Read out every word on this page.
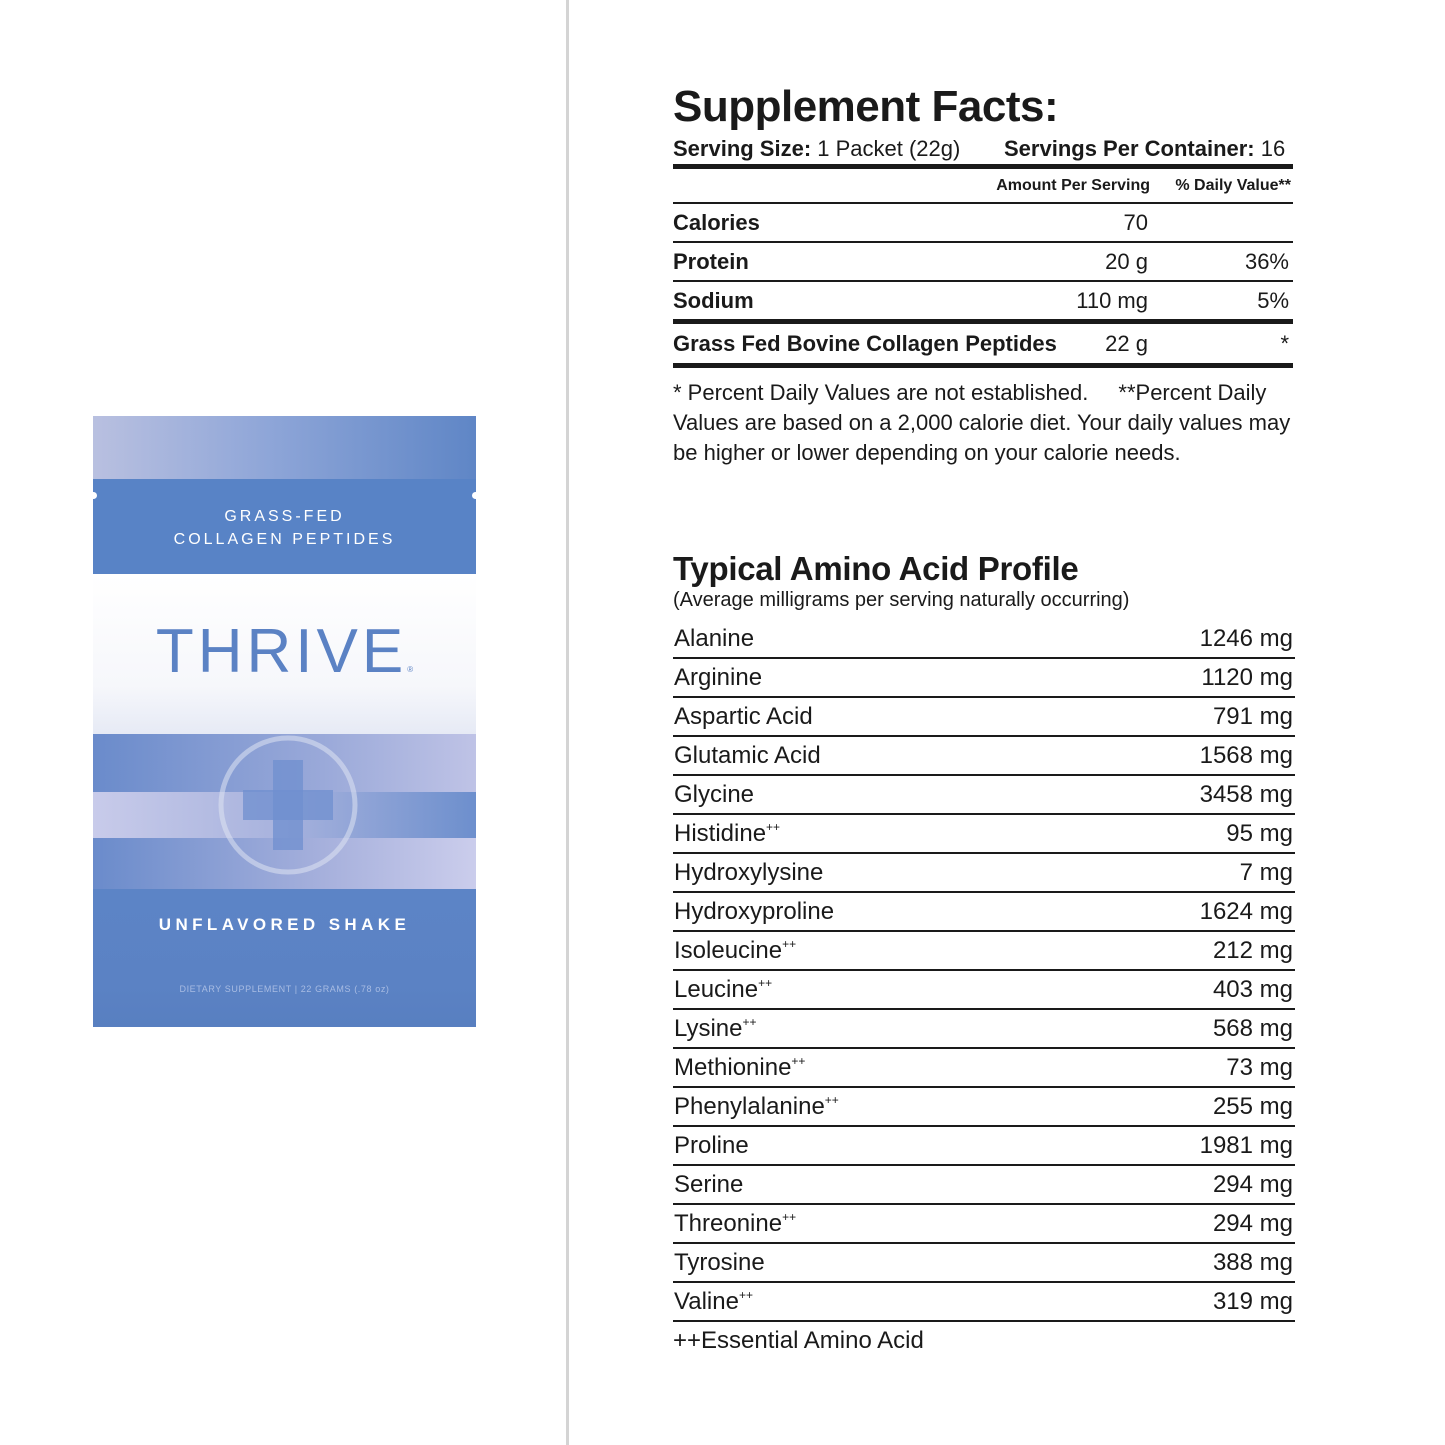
GRASS-FED
COLLAGEN PEPTIDES
THRIVE®
UNFLAVORED SHAKE
DIETARY SUPPLEMENT | 22 GRAMS (.78 oz)
Supplement Facts:
Serving Size: 1 Packet (22g) Servings Per Container: 16
Amount Per Serving % Daily Value**
Calories	70
Protein	20 g	36%
Sodium	110 mg	5%
Grass Fed Bovine Collagen Peptides 22 g	*
* Percent Daily Values are not established. **Percent Daily Values are based on a 2,000 calorie diet. Your daily values may be higher or lower depending on your calorie needs.
Typical Amino Acid Profile
(Average milligrams per serving naturally occurring)
Alanine	1246 mg
Arginine	1120 mg
Aspartic Acid	791 mg
Glutamic Acid	1568 mg
Glycine	3458 mg
Histidine++	95 mg
Hydroxylysine	7 mg
Hydroxyproline	1624 mg
Isoleucine++	212 mg
Leucine++	403 mg
Lysine++	568 mg
Methionine++	73 mg
Phenylalanine++	255 mg
Proline	1981 mg
Serine	294 mg
Threonine++	294 mg
Tyrosine	388 mg
Valine++	319 mg
++Essential Amino Acid
